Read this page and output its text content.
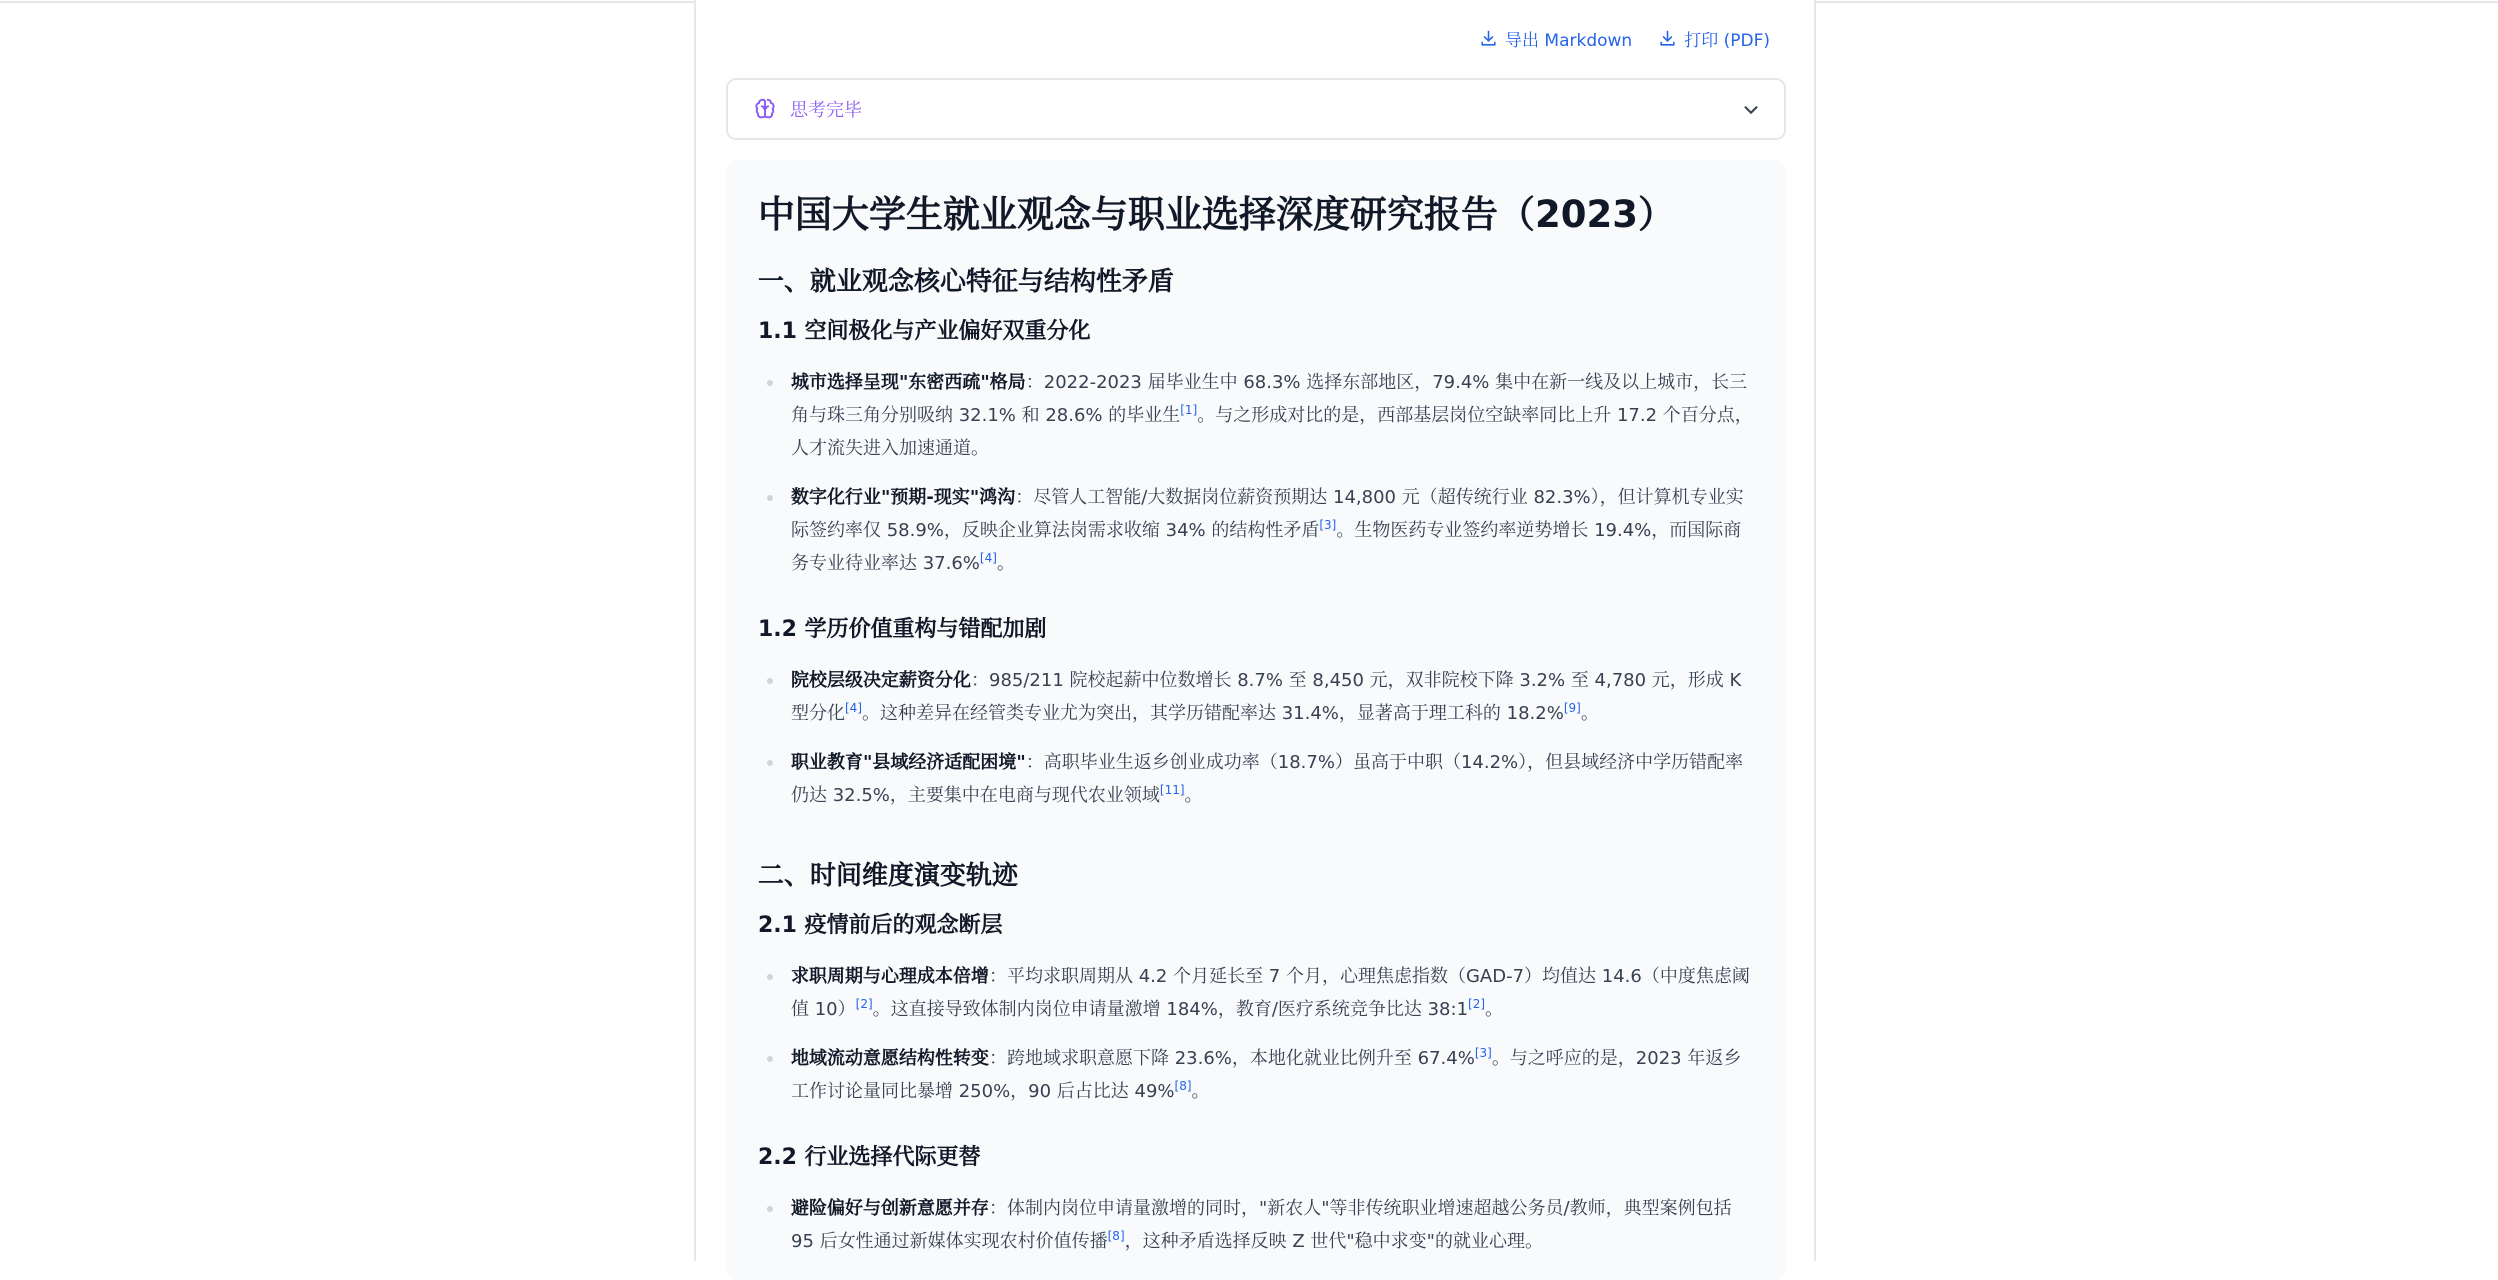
导出 Markdown	打印 (PDF)
思考完毕
中国大学生就业观念与职业选择深度研究报告（2023）
一、就业观念核心特征与结构性矛盾
1.1 空间极化与产业偏好双重分化
城市选择呈现"东密西疏"格局：2022-2023 届毕业生中 68.3% 选择东部地区，79.4% 集中在新一线及以上城市，长三角与珠三角分别吸纳 32.1% 和 28.6% 的毕业生[1]。与之形成对比的是，西部基层岗位空缺率同比上升 17.2 个百分点，人才流失进入加速通道。
数字化行业"预期-现实"鸿沟：尽管人工智能/大数据岗位薪资预期达 14,800 元（超传统行业 82.3%），但计算机专业实际签约率仅 58.9%，反映企业算法岗需求收缩 34% 的结构性矛盾[3]。生物医药专业签约率逆势增长 19.4%，而国际商务专业待业率达 37.6%[4]。
1.2 学历价值重构与错配加剧
院校层级决定薪资分化：985/211 院校起薪中位数增长 8.7% 至 8,450 元，双非院校下降 3.2% 至 4,780 元，形成 K 型分化[4]。这种差异在经管类专业尤为突出，其学历错配率达 31.4%，显著高于理工科的 18.2%[9]。
职业教育"县域经济适配困境"：高职毕业生返乡创业成功率（18.7%）虽高于中职（14.2%），但县域经济中学历错配率仍达 32.5%，主要集中在电商与现代农业领域[11]。
二、时间维度演变轨迹
2.1 疫情前后的观念断层
求职周期与心理成本倍增：平均求职周期从 4.2 个月延长至 7 个月，心理焦虑指数（GAD-7）均值达 14.6（中度焦虑阈值 10）[2]。这直接导致体制内岗位申请量激增 184%，教育/医疗系统竞争比达 38:1[2]。
地域流动意愿结构性转变：跨地域求职意愿下降 23.6%，本地化就业比例升至 67.4%[3]。与之呼应的是，2023 年返乡工作讨论量同比暴增 250%，90 后占比达 49%[8]。
2.2 行业选择代际更替
避险偏好与创新意愿并存：体制内岗位申请量激增的同时，"新农人"等非传统职业增速超越公务员/教师，典型案例包括 95 后女性通过新媒体实现农村价值传播[8]，这种矛盾选择反映 Z 世代"稳中求变"的就业心理。
